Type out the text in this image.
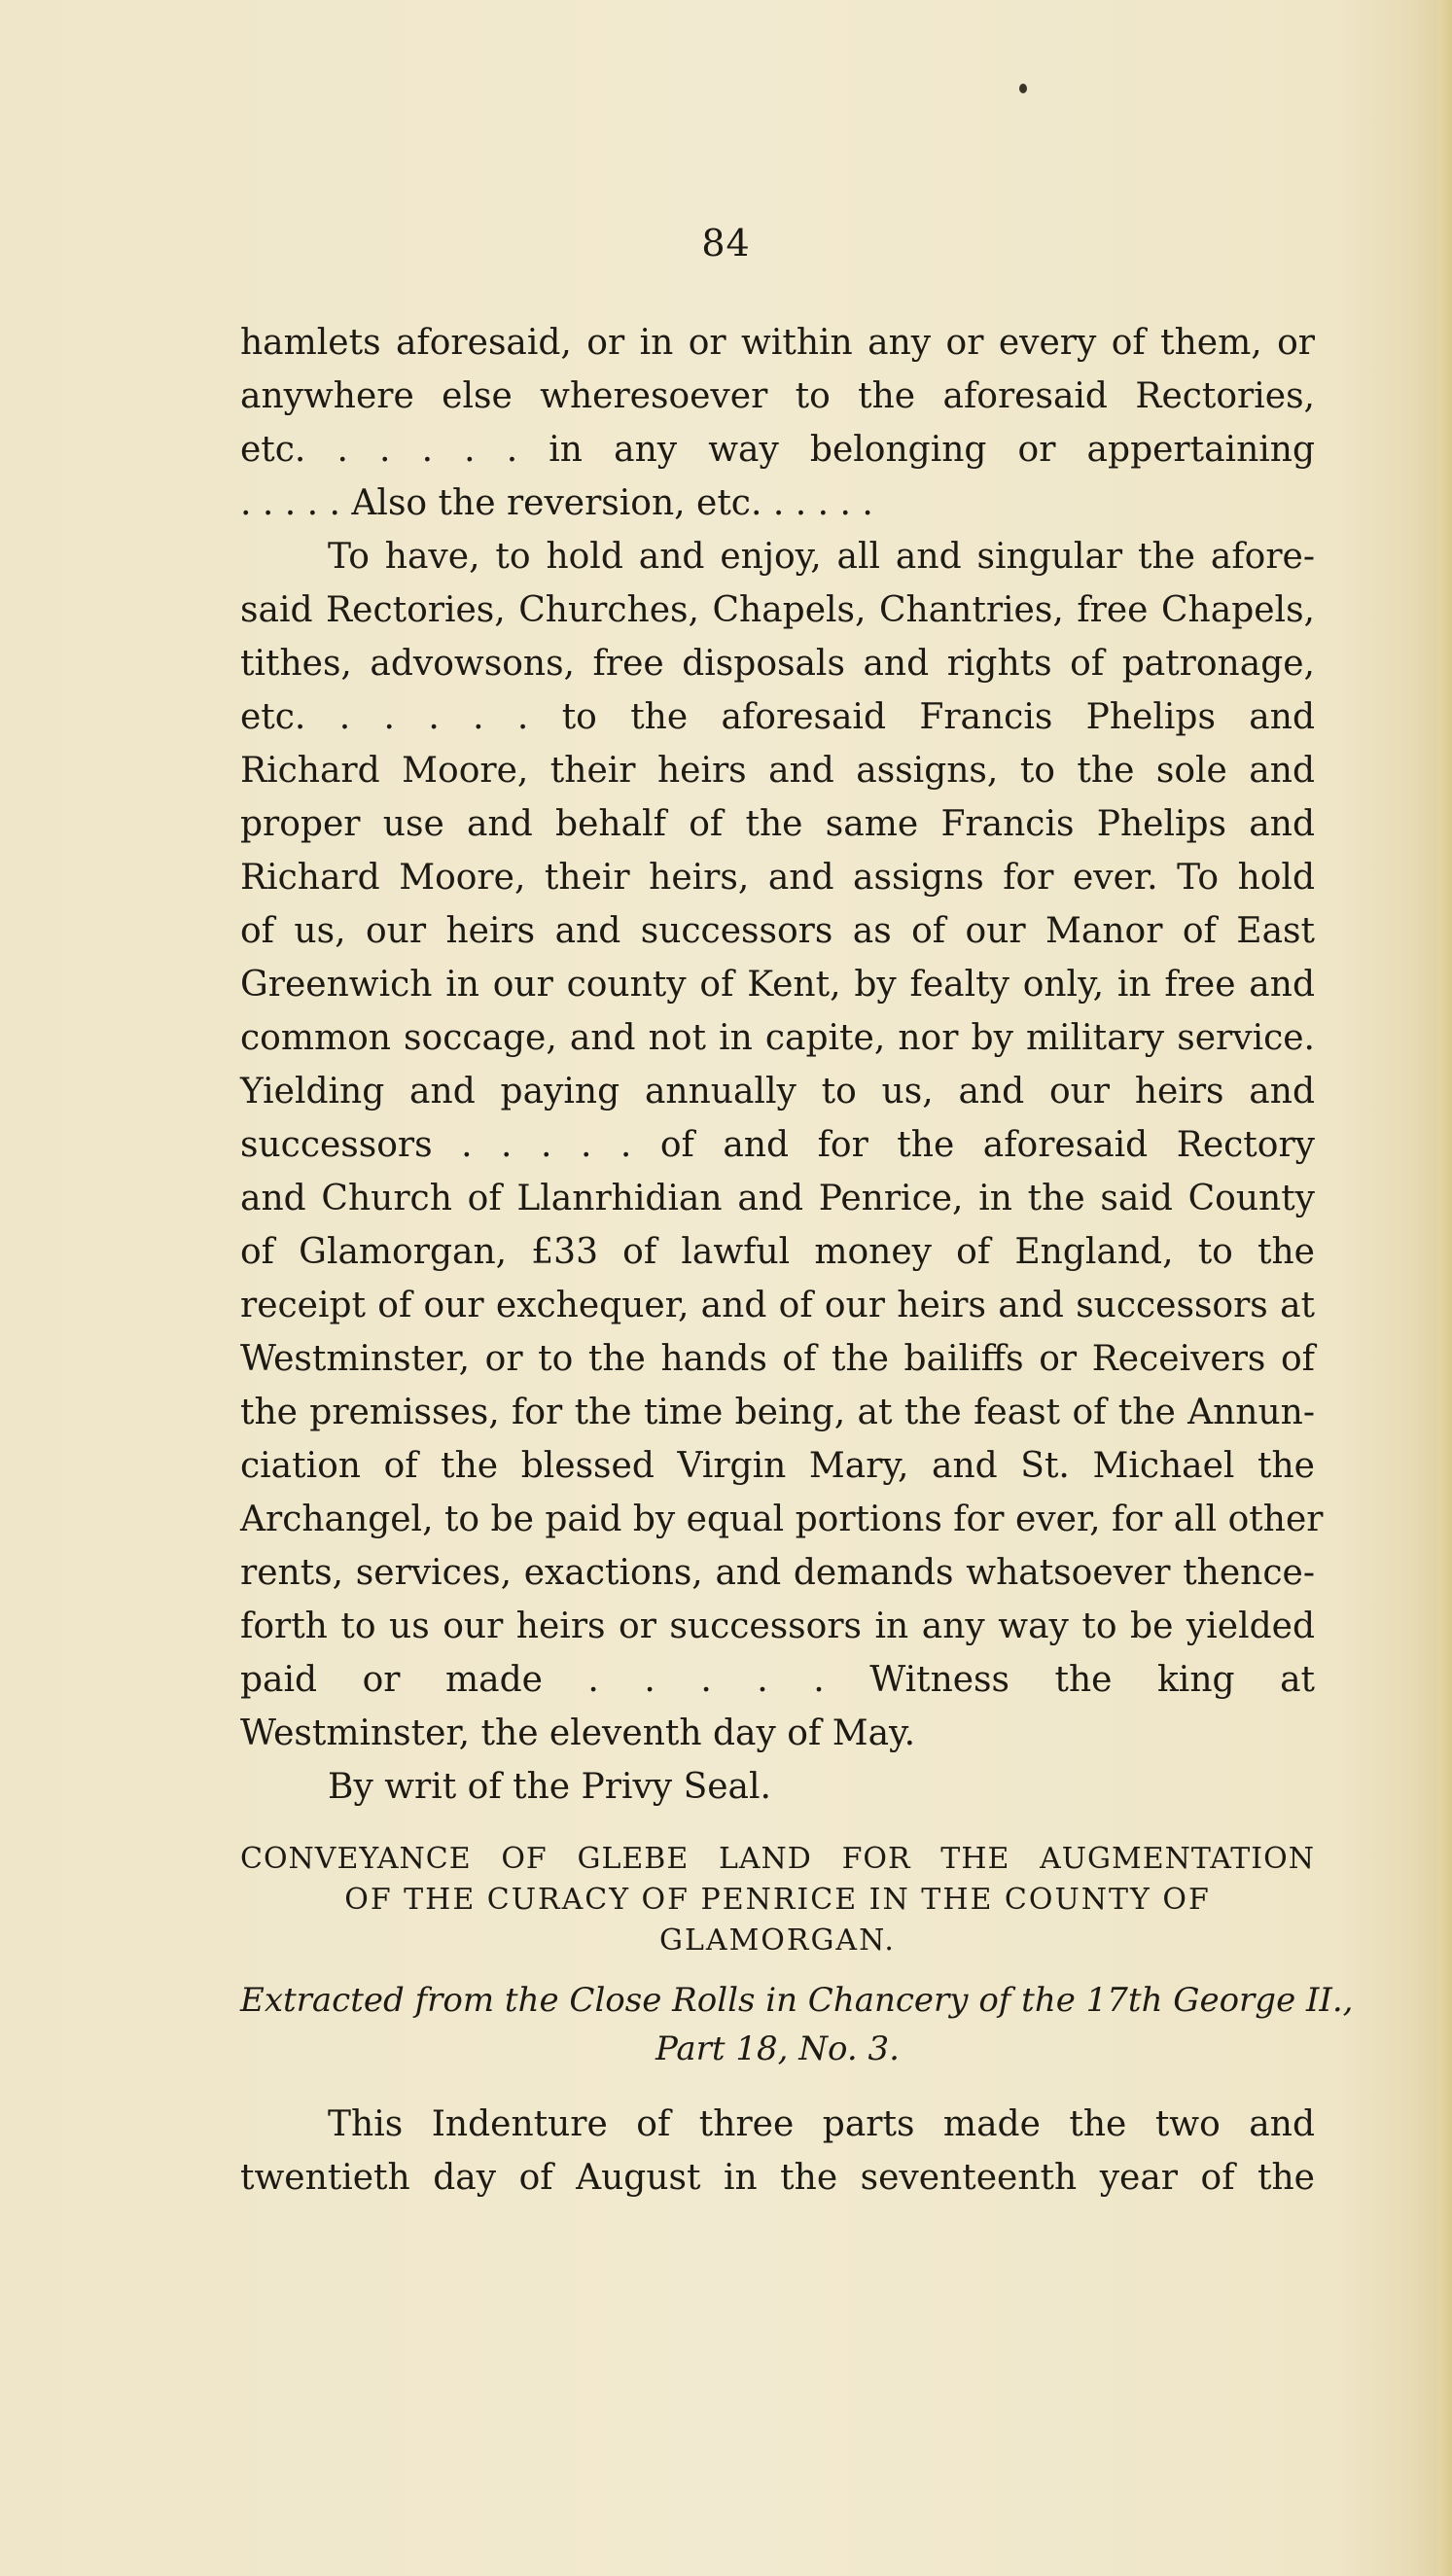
84
hamlets aforesaid, or in or within any or every of them, or
anywhere else wheresoever to the aforesaid Rectories,
etc. . . . . . in any way belonging or appertaining
. . . . . Also the reversion, etc. . . . . .
To have, to hold and enjoy, all and singular the afore-
said Rectories, Churches, Chapels, Chantries, free Chapels,
tithes, advowsons, free disposals and rights of patronage,
etc. . . . . . to the aforesaid Francis Phelips and
Richard Moore, their heirs and assigns, to the sole and
proper use and behalf of the same Francis Phelips and
Richard Moore, their heirs, and assigns for ever. To hold
of us, our heirs and successors as of our Manor of East
Greenwich in our county of Kent, by fealty only, in free and
common soccage, and not in capite, nor by military service.
Yielding and paying annually to us, and our heirs and
successors . . . . . of and for the aforesaid Rectory
and Church of Llanrhidian and Penrice, in the said County
of Glamorgan, £33 of lawful money of England, to the
receipt of our exchequer, and of our heirs and successors at
Westminster, or to the hands of the bailiffs or Receivers of
the premisses, for the time being, at the feast of the Annun-
ciation of the blessed Virgin Mary, and St. Michael the
Archangel, to be paid by equal portions for ever, for all other
rents, services, exactions, and demands whatsoever thence-
forth to us our heirs or successors in any way to be yielded
paid or made . . . . . Witness the king at
Westminster, the eleventh day of May.
By writ of the Privy Seal.
CONVEYANCE OF GLEBE LAND FOR THE AUGMENTATION
OF THE CURACY OF PENRICE IN THE COUNTY OF
GLAMORGAN.
Extracted from the Close Rolls in Chancery of the 17th George II.,
Part 18, No. 3.
This Indenture of three parts made the two and
twentieth day of August in the seventeenth year of the
